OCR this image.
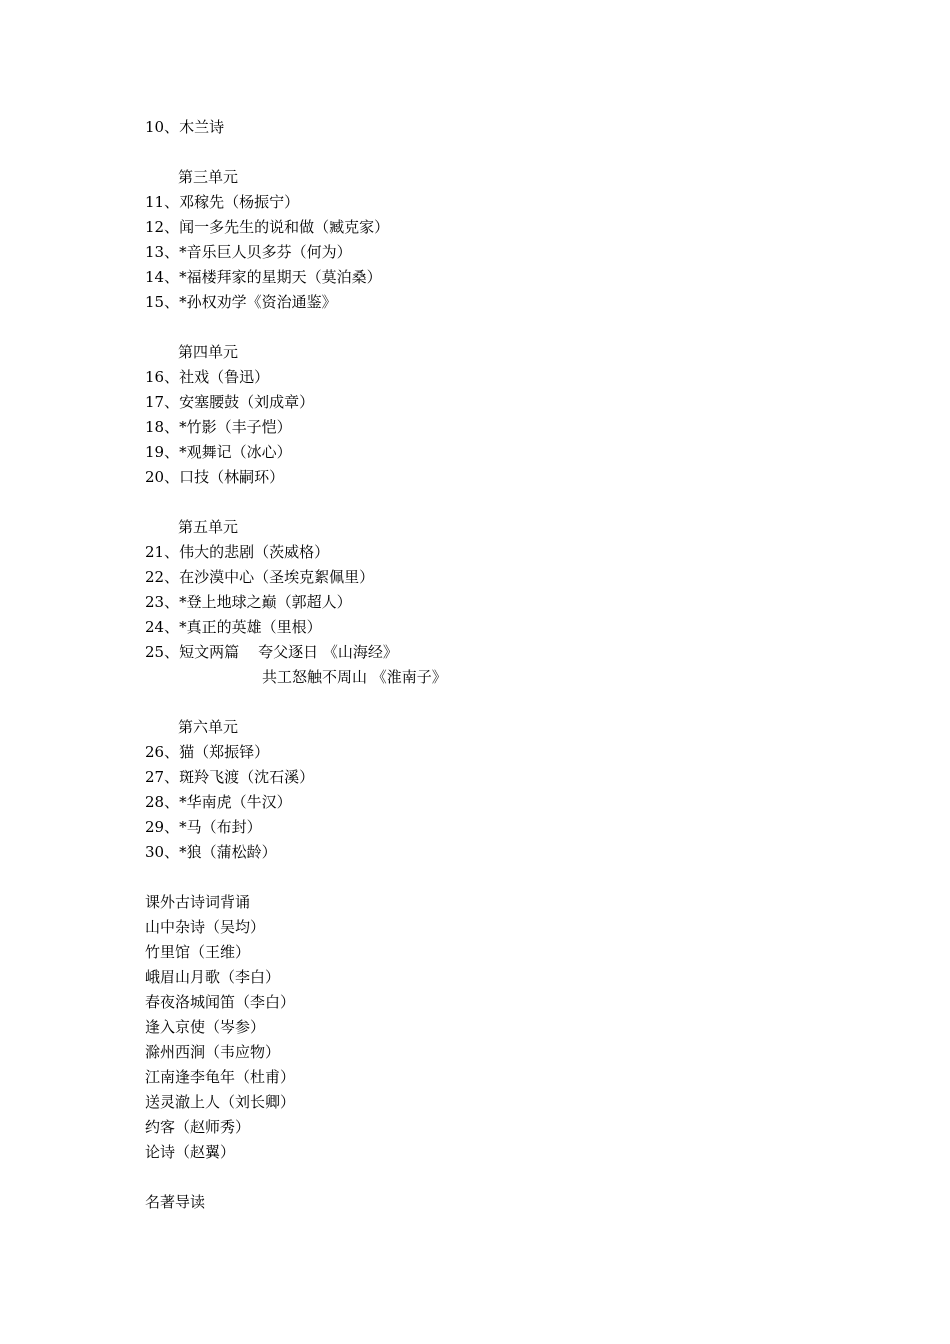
10、木兰诗
第三单元
11、邓稼先（杨振宁）
12、闻一多先生的说和做（臧克家）
13、*音乐巨人贝多芬（何为）
14、*福楼拜家的星期天（莫泊桑）
15、*孙权劝学《资治通鉴》
第四单元
16、社戏（鲁迅）
17、安塞腰鼓（刘成章）
18、*竹影（丰子恺）
19、*观舞记（冰心）
20、口技（林嗣环）
第五单元
21、伟大的悲剧（茨威格）
22、在沙漠中心（圣埃克絮佩里）
23、*登上地球之巅（郭超人）
24、*真正的英雄（里根）
25、短文两篇    夸父逐日 《山海经》
共工怒触不周山 《淮南子》
第六单元
26、猫（郑振铎）
27、斑羚飞渡（沈石溪）
28、*华南虎（牛汉）
29、*马（布封）
30、*狼（蒲松龄）
课外古诗词背诵
山中杂诗（吴均）
竹里馆（王维）
峨眉山月歌（李白）
春夜洛城闻笛（李白）
逢入京使（岑参）
滁州西涧（韦应物）
江南逢李龟年（杜甫）
送灵澈上人（刘长卿）
约客（赵师秀）
论诗（赵翼）
名著导读
